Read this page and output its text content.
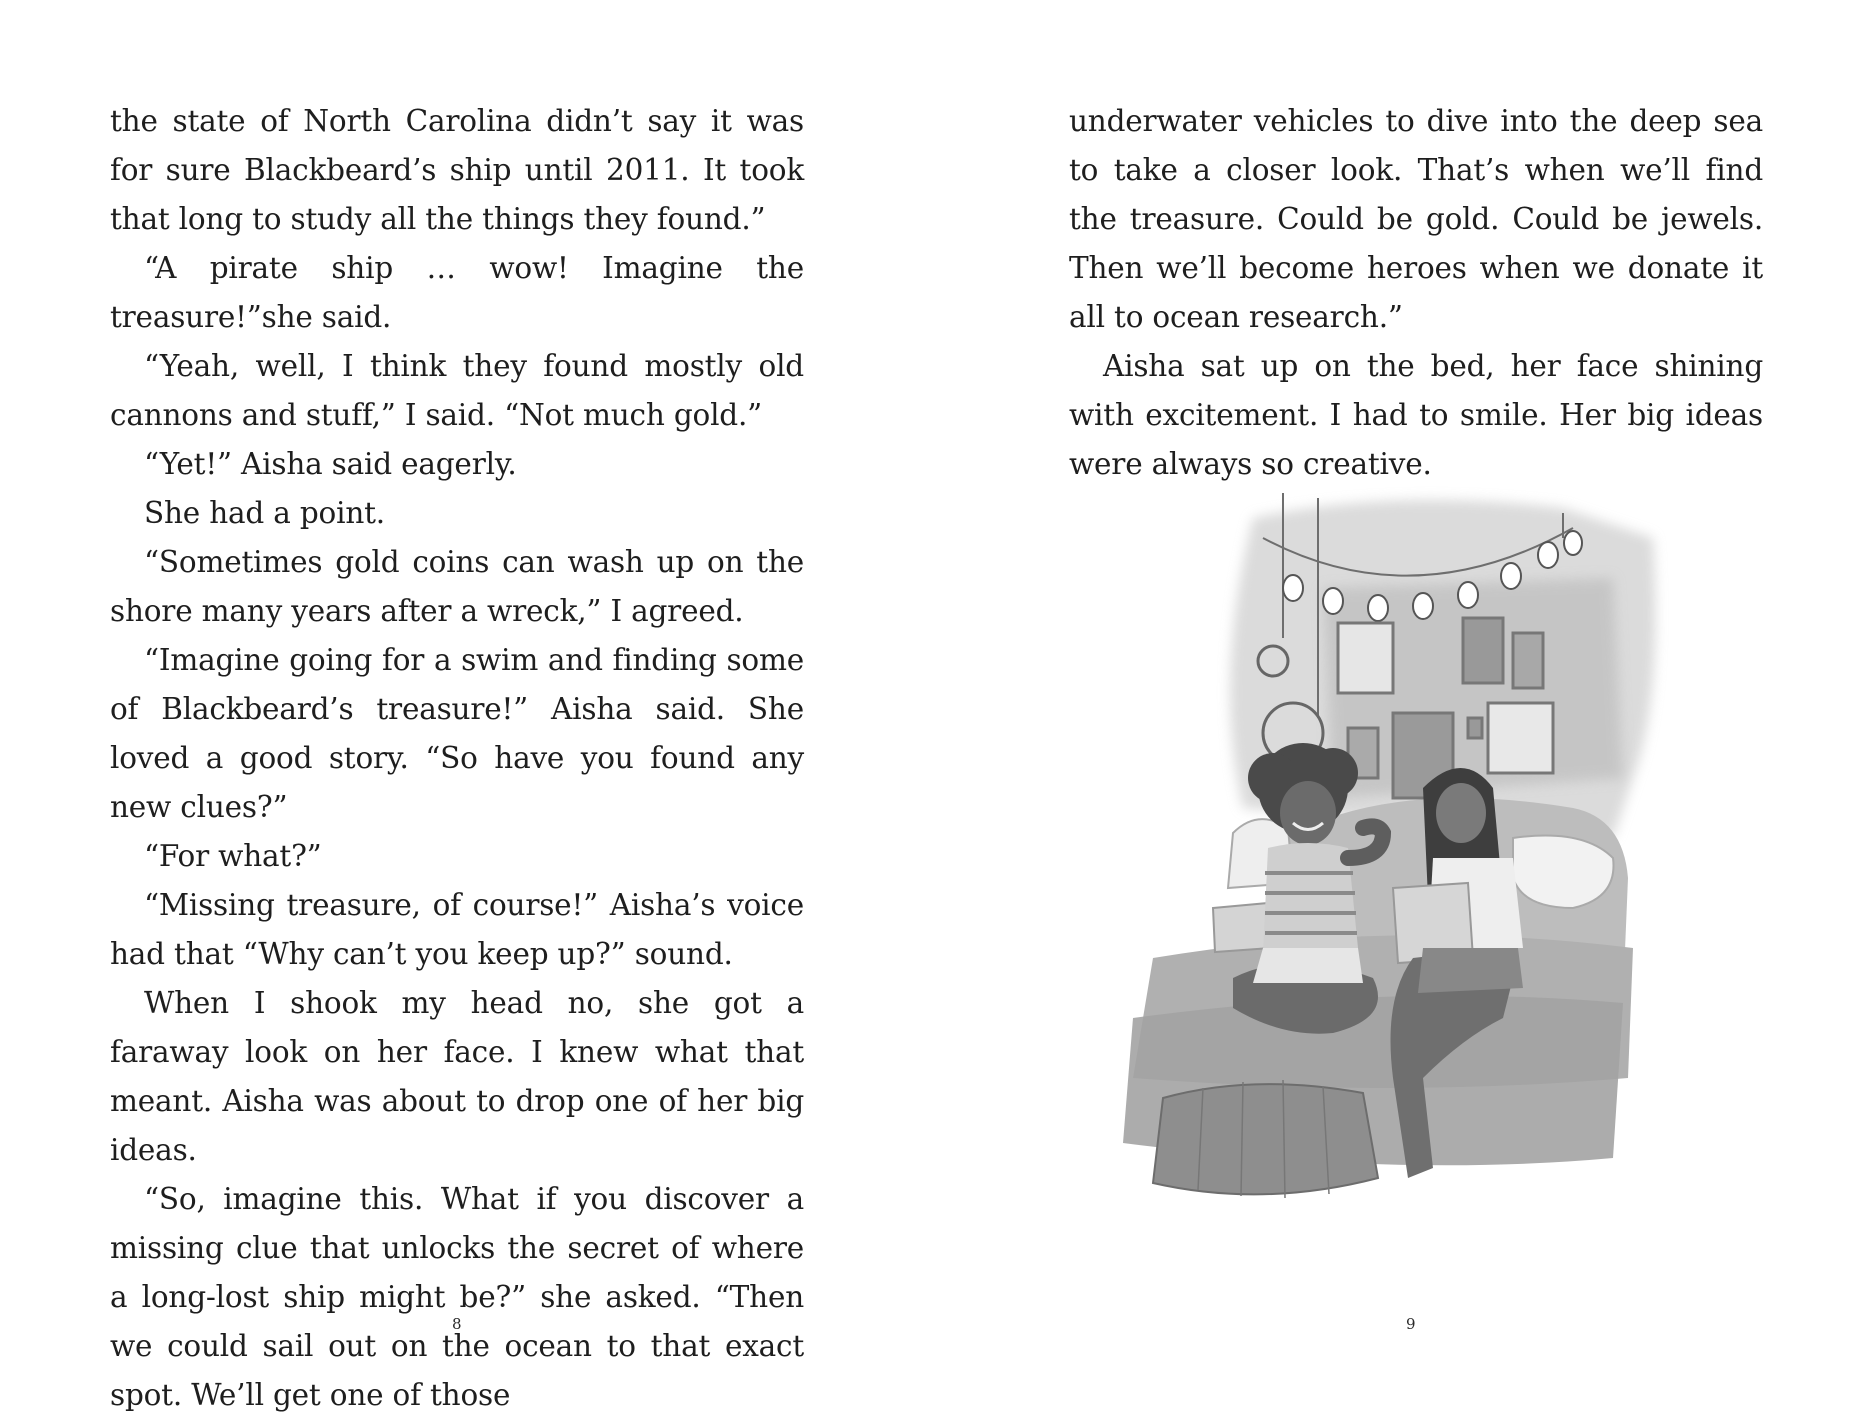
the state of North Carolina didn’t say it was for sure Blackbeard’s ship until 2011. It took that long to study all the things they found.”

“A pirate ship … wow! Imagine the treasure!”she said.

“Yeah, well, I think they found mostly old cannons and stuff,” I said. “Not much gold.”

“Yet!” Aisha said eagerly.

She had a point.

“Sometimes gold coins can wash up on the shore many years after a wreck,” I agreed.

“Imagine going for a swim and finding some of Blackbeard’s treasure!” Aisha said. She loved a good story. “So have you found any new clues?”

“For what?”

“Missing treasure, of course!” Aisha’s voice had that “Why can’t you keep up?” sound.

When I shook my head no, she got a faraway look on her face. I knew what that meant. Aisha was about to drop one of her big ideas.

“So, imagine this. What if you discover a missing clue that unlocks the secret of where a long-lost ship might be?” she asked. “Then we could sail out on the ocean to that exact spot. We’ll get one of those

8

underwater vehicles to dive into the deep sea to take a closer look. That’s when we’ll find the treasure. Could be gold. Could be jewels. Then we’ll become heroes when we donate it all to ocean research.”

Aisha sat up on the bed, her face shining with excitement. I had to smile. Her big ideas were always so creative.

9
